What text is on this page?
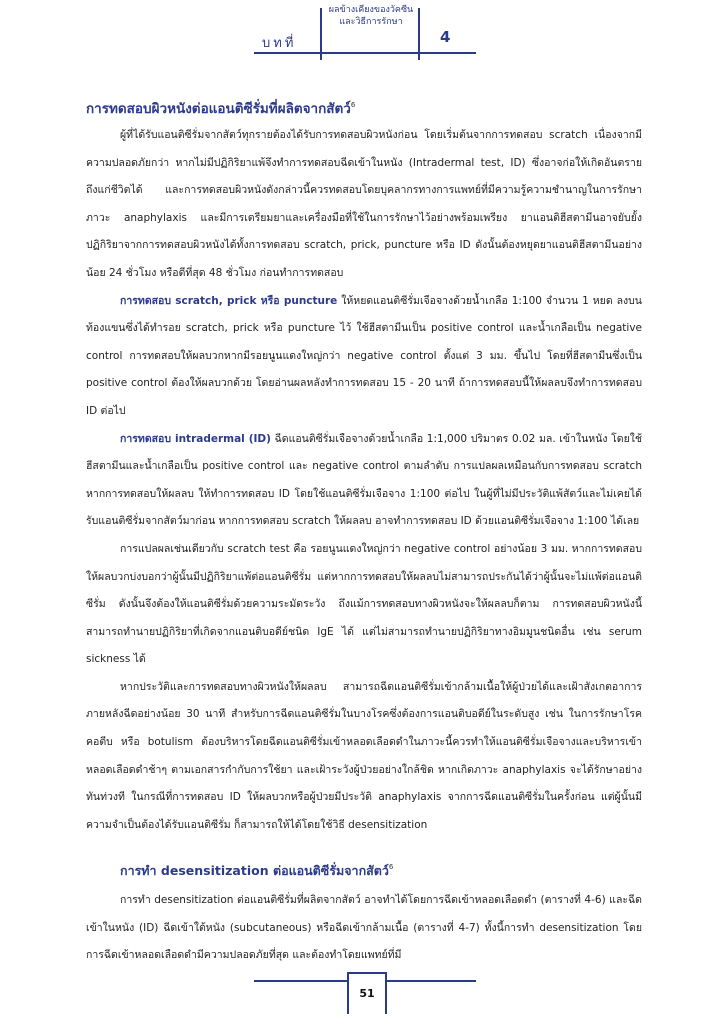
บทที่
ผลข้างเคียงของวัคซีน
และวิธีการรักษา
4

การทดสอบผิวหนังต่อแอนติซีรั่มที่ผลิตจากสัตว์$^6$

ผู้ที่ได้รับแอนติซีรั่มจากสัตว์ทุกรายต้องได้รับการทดสอบผิวหนังก่อน โดยเริ่มต้นจากการทดสอบ scratch เนื่องจากมีความปลอดภัยกว่า หากไม่มีปฏิกิริยาแพ้จึงทำการทดสอบฉีดเข้าในหนัง (Intradermal test, ID) ซึ่งอาจก่อให้เกิดอันตรายถึงแก่ชีวิตได้ และการทดสอบผิวหนังดังกล่าวนี้ควรทดสอบโดยบุคลากรทางการแพทย์ที่มีความรู้ความชำนาญในการรักษาภาวะ anaphylaxis และมีการเตรียมยาและเครื่องมือที่ใช้ในการรักษาไว้อย่างพร้อมเพรียง ยาแอนติฮีสตามีนอาจยับยั้งปฏิกิริยาจากการทดสอบผิวหนังได้ทั้งการทดสอบ scratch, prick, puncture หรือ ID ดังนั้นต้องหยุดยาแอนติฮีสตามีนอย่างน้อย 24 ชั่วโมง หรือดีที่สุด 48 ชั่วโมง ก่อนทำการทดสอบ

การทดสอบ scratch, prick หรือ puncture ให้หยดแอนติซีรั่มเจือจางด้วยน้ำเกลือ 1:100 จำนวน 1 หยด ลงบนท้องแขนซึ่งได้ทำรอย scratch, prick หรือ puncture ไว้ ใช้ฮีสตามีนเป็น positive control และน้ำเกลือเป็น negative control การทดสอบให้ผลบวกหากมีรอยนูนแดงใหญ่กว่า negative control ตั้งแต่ 3 มม. ขึ้นไป โดยที่ฮีสตามีนซึ่งเป็น positive control ต้องให้ผลบวกด้วย โดยอ่านผลหลังทำการทดสอบ 15 - 20 นาที ถ้าการทดสอบนี้ให้ผลลบจึงทำการทดสอบ ID ต่อไป

การทดสอบ intradermal (ID) ฉีดแอนติซีรั่มเจือจางด้วยน้ำเกลือ 1:1,000 ปริมาตร 0.02 มล. เข้าในหนัง โดยใช้ฮีสตามีนและน้ำเกลือเป็น positive control และ negative control ตามลำดับ การแปลผลเหมือนกับการทดสอบ scratch หากการทดสอบให้ผลลบ ให้ทำการทดสอบ ID โดยใช้แอนติซีรั่มเจือจาง 1:100 ต่อไป ในผู้ที่ไม่มีประวัติแพ้สัตว์และไม่เคยได้รับแอนติซีรั่มจากสัตว์มาก่อน หากการทดสอบ scratch ให้ผลลบ อาจทำการทดสอบ ID ด้วยแอนติซีรั่มเจือจาง 1:100 ได้เลย

การแปลผลเช่นเดียวกับ scratch test คือ รอยนูนแดงใหญ่กว่า negative control อย่างน้อย 3 มม. หากการทดสอบให้ผลบวกบ่งบอกว่าผู้นั้นมีปฏิกิริยาแพ้ต่อแอนติซีรั่ม แต่หากการทดสอบให้ผลลบไม่สามารถประกันได้ว่าผู้นั้นจะไม่แพ้ต่อแอนติซีรั่ม ดังนั้นจึงต้องให้แอนติซีรั่มด้วยความระมัดระวัง ถึงแม้การทดสอบทางผิวหนังจะให้ผลลบก็ตาม การทดสอบผิวหนังนี้สามารถทำนายปฏิกิริยาที่เกิดจากแอนติบอดีย์ชนิด IgE ได้ แต่ไม่สามารถทำนายปฏิกิริยาทางอิมมูนชนิดอื่น เช่น serum sickness ได้

หากประวัติและการทดสอบทางผิวหนังให้ผลลบ สามารถฉีดแอนติซีรั่มเข้ากล้ามเนื้อให้ผู้ป่วยได้และเฝ้าสังเกตอาการภายหลังฉีดอย่างน้อย 30 นาที สำหรับการฉีดแอนติซีรั่มในบางโรคซึ่งต้องการแอนติบอดีย์ในระดับสูง เช่น ในการรักษาโรคคอตีบ หรือ botulism ต้องบริหารโดยฉีดแอนติซีรั่มเข้าหลอดเลือดดำในภาวะนี้ควรทำให้แอนติซีรั่มเจือจางและบริหารเข้าหลอดเลือดดำช้าๆ ตามเอกสารกำกับการใช้ยา และเฝ้าระวังผู้ป่วยอย่างใกล้ชิด หากเกิดภาวะ anaphylaxis จะได้รักษาอย่างทันท่วงที ในกรณีที่การทดสอบ ID ให้ผลบวกหรือผู้ป่วยมีประวัติ anaphylaxis จากการฉีดแอนติซีรั่มในครั้งก่อน แต่ผู้นั้นมีความจำเป็นต้องได้รับแอนติซีรั่ม ก็สามารถให้ได้โดยใช้วิธี desensitization

การทำ desensitization ต่อแอนติซีรั่มจากสัตว์$^6$

การทำ desensitization ต่อแอนติซีรั่มที่ผลิตจากสัตว์ อาจทำได้โดยการฉีดเข้าหลอดเลือดดำ (ตารางที่ 4-6) และฉีดเข้าในหนัง (ID) ฉีดเข้าใต้หนัง (subcutaneous) หรือฉีดเข้ากล้ามเนื้อ (ตารางที่ 4-7) ทั้งนี้การทำ desensitization โดยการฉีดเข้าหลอดเลือดดำมีความปลอดภัยที่สุด และต้องทำโดยแพทย์ที่มี

51
